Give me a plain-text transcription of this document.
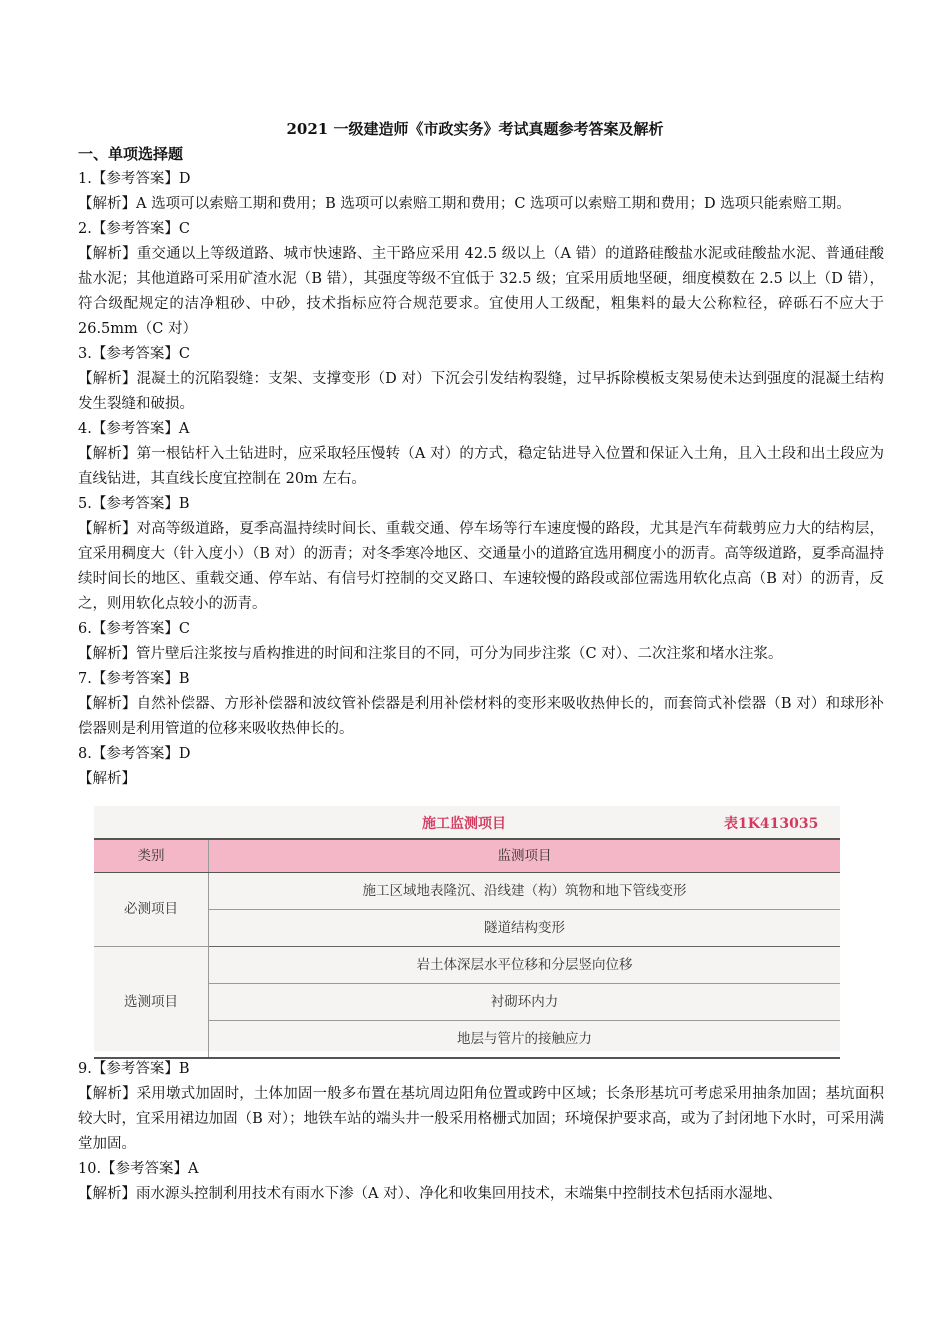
2021 一级建造师《市政实务》考试真题参考答案及解析

一、单项选择题

1.【参考答案】D

【解析】A 选项可以索赔工期和费用；B 选项可以索赔工期和费用；C 选项可以索赔工期和费用；D 选项只能索赔工期。

2.【参考答案】C

【解析】重交通以上等级道路、城市快速路、主干路应采用 42.5 级以上（A 错）的道路硅酸盐水泥或硅酸盐水泥、普通硅酸盐水泥；其他道路可采用矿渣水泥（B 错），其强度等级不宜低于 32.5 级；宜采用质地坚硬，细度模数在 2.5 以上（D 错），符合级配规定的洁净粗砂、中砂，技术指标应符合规范要求。宜使用人工级配，粗集料的最大公称粒径，碎砾石不应大于 26.5mm（C 对）

3.【参考答案】C

【解析】混凝土的沉陷裂缝：支架、支撑变形（D 对）下沉会引发结构裂缝，过早拆除模板支架易使未达到强度的混凝土结构发生裂缝和破损。

4.【参考答案】A

【解析】第一根钻杆入土钻进时，应采取轻压慢转（A 对）的方式，稳定钻进导入位置和保证入土角，且入土段和出土段应为直线钻进，其直线长度宜控制在 20m 左右。

5.【参考答案】B

【解析】对高等级道路，夏季高温持续时间长、重载交通、停车场等行车速度慢的路段，尤其是汽车荷载剪应力大的结构层，宜采用稠度大（针入度小）（B 对）的沥青；对冬季寒冷地区、交通量小的道路宜选用稠度小的沥青。高等级道路，夏季高温持续时间长的地区、重载交通、停车站、有信号灯控制的交叉路口、车速较慢的路段或部位需选用软化点高（B 对）的沥青，反之，则用软化点较小的沥青。

6.【参考答案】C

【解析】管片壁后注浆按与盾构推进的时间和注浆目的不同，可分为同步注浆（C 对）、二次注浆和堵水注浆。

7.【参考答案】B

【解析】自然补偿器、方形补偿器和波纹管补偿器是利用补偿材料的变形来吸收热伸长的，而套筒式补偿器（B 对）和球形补偿器则是利用管道的位移来吸收热伸长的。

8.【参考答案】D

【解析】

施工监测项目	表1K413035
类别	监测项目
必测项目	施工区域地表隆沉、沿线建（构）筑物和地下管线变形
	隧道结构变形
选测项目	岩土体深层水平位移和分层竖向位移
	衬砌环内力
	地层与管片的接触应力

9.【参考答案】B

【解析】采用墩式加固时，土体加固一般多布置在基坑周边阳角位置或跨中区域；长条形基坑可考虑采用抽条加固；基坑面积较大时，宜采用裙边加固（B 对）；地铁车站的端头井一般采用格栅式加固；环境保护要求高，或为了封闭地下水时，可采用满堂加固。

10.【参考答案】A

【解析】雨水源头控制利用技术有雨水下渗（A 对）、净化和收集回用技术，末端集中控制技术包括雨水湿地、
